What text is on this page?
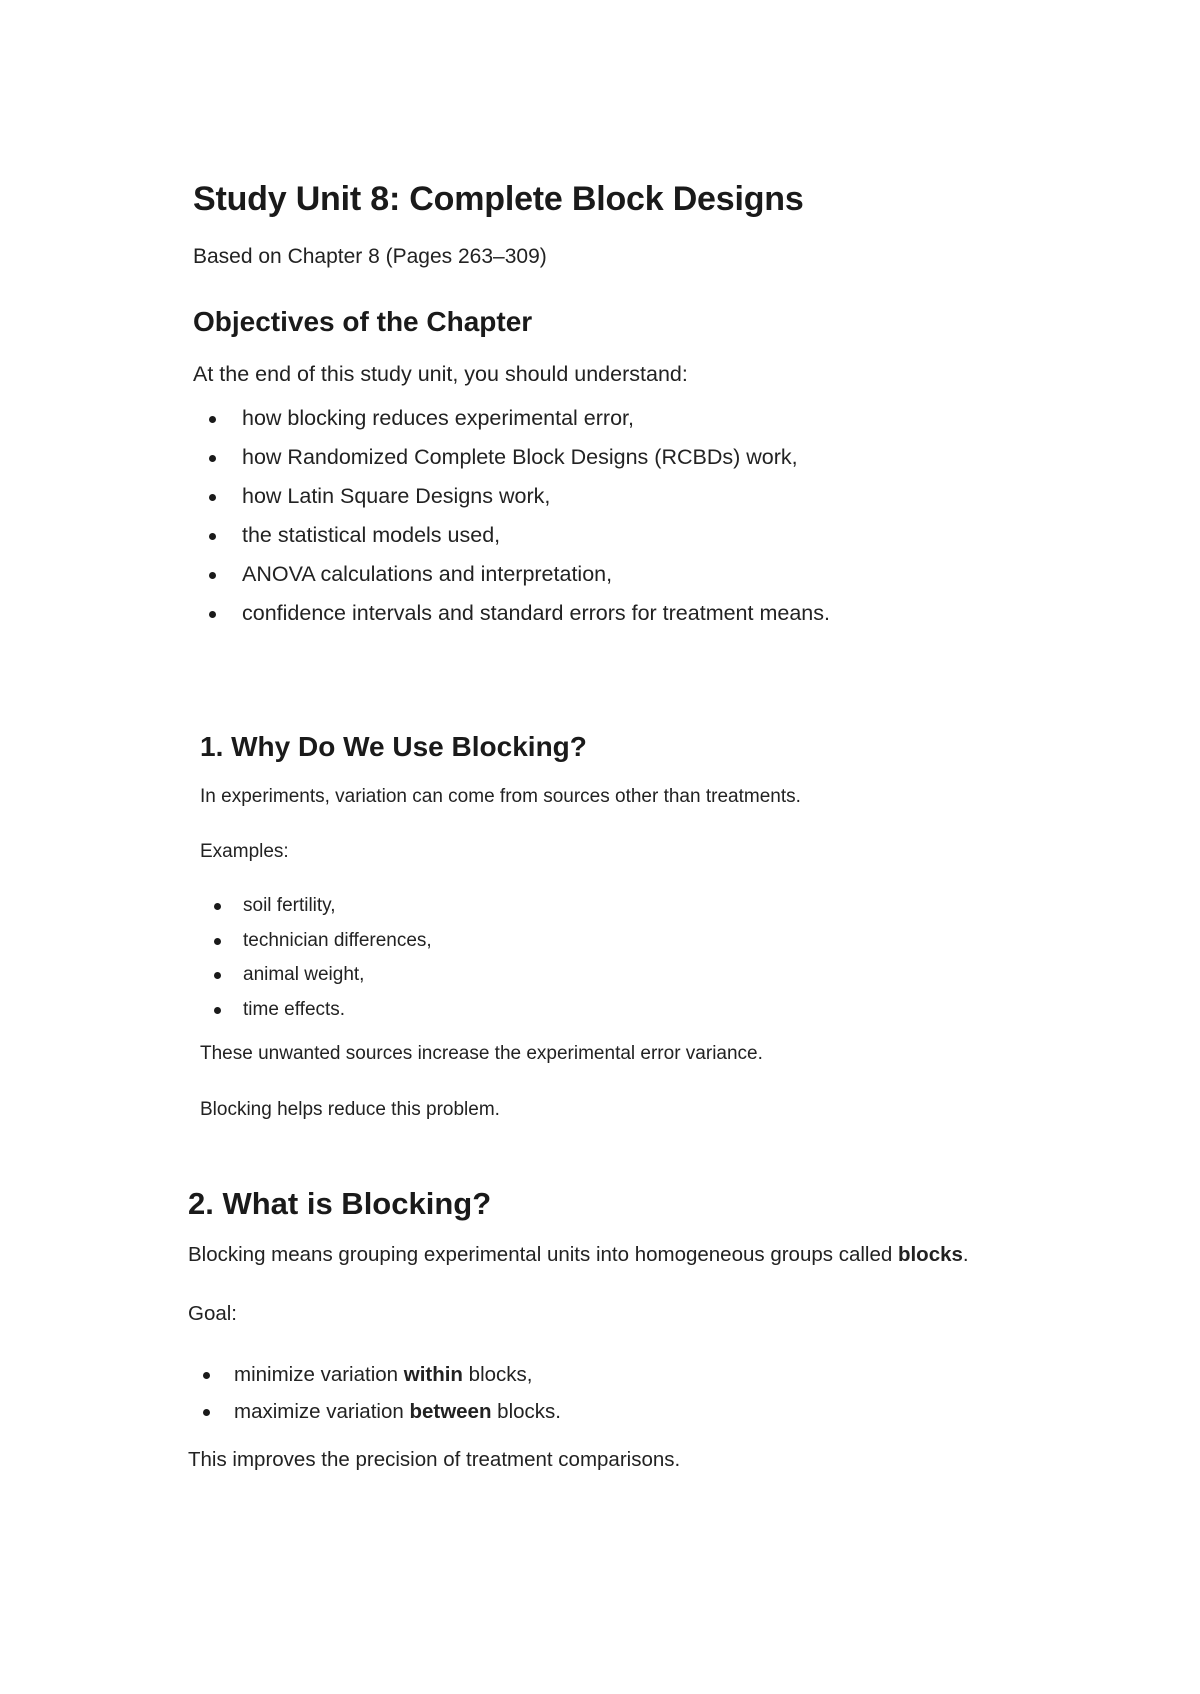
Study Unit 8: Complete Block Designs

Based on Chapter 8 (Pages 263–309)

Objectives of the Chapter

At the end of this study unit, you should understand:

how blocking reduces experimental error,
how Randomized Complete Block Designs (RCBDs) work,
how Latin Square Designs work,
the statistical models used,
ANOVA calculations and interpretation,
confidence intervals and standard errors for treatment means.
1. Why Do We Use Blocking?

In experiments, variation can come from sources other than treatments.

Examples:

soil fertility,
technician differences,
animal weight,
time effects.

These unwanted sources increase the experimental error variance.

Blocking helps reduce this problem.

2. What is Blocking?

Blocking means grouping experimental units into homogeneous groups called blocks.

Goal:

minimize variation within blocks,
maximize variation between blocks.

This improves the precision of treatment comparisons.
